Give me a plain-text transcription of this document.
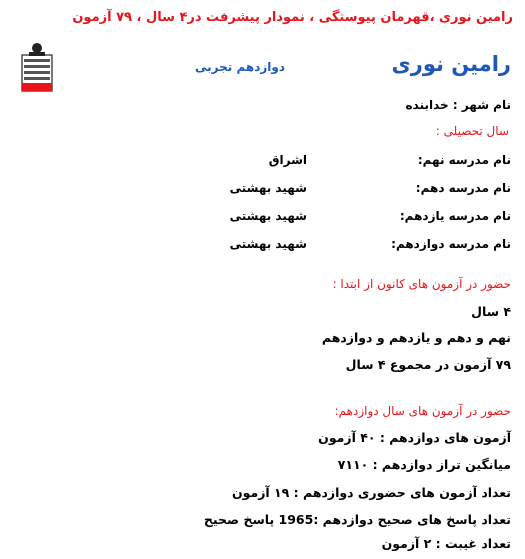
رامین نوری ،قهرمان پیوستگی ، نمودار پیشرفت در۴ سال ، ۷۹ آزمون
رامین نوری
دوازدهم تجربی
نام شهر : خدابنده
سال تحصیلی :
نام مدرسه نهم:
اشراق
نام مدرسه دهم:
شهید بهشتی
نام مدرسه یازدهم:
شهید بهشتی
نام مدرسه دوازدهم:
شهید بهشتی
حضور در آزمون های کانون از ابتدا :
۴ سال
نهم و دهم و یازدهم و دوازدهم
۷۹ آزمون در مجموع ۴ سال
حضور در آزمون های سال دوازدهم:
آزمون های دوازدهم : ۴۰ آزمون
میانگین تراز دوازدهم : ۷۱۱۰
تعداد آزمون های حضوری دوازدهم : ۱۹ آزمون
تعداد پاسخ های صحیح دوازدهم :1965 پاسخ صحیح
تعداد غیبت : ۲ آزمون
